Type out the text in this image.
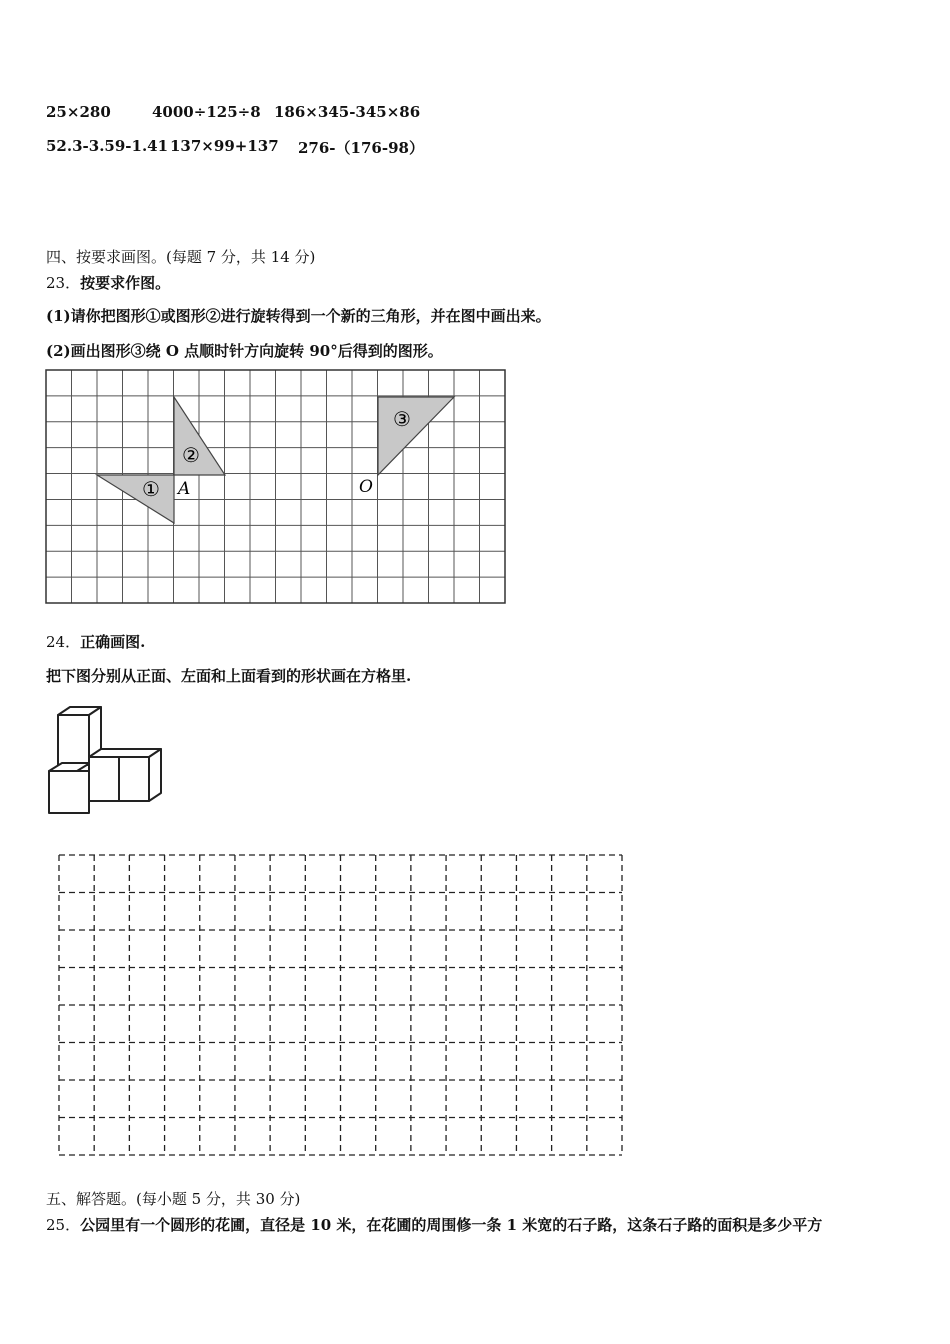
25×280	4000÷125÷8 186×345-345×86
52.3-3.59-1.41 137×99+137 276-（176-98）
四、按要求画图。(每题 7 分，共 14 分)
23．按要求作图。
(1)请你把图形①或图形②进行旋转得到一个新的三角形，并在图中画出来。
(2)画出图形③绕 O 点顺时针方向旋转 90°后得到的图形。
①
②
③
A	O
24．正确画图.
把下图分别从正面、左面和上面看到的形状画在方格里.
五、解答题。(每小题 5 分，共 30 分)
25．公园里有一个圆形的花圃，直径是 10 米，在花圃的周围修一条 1 米宽的石子路，这条石子路的面积是多少平方
